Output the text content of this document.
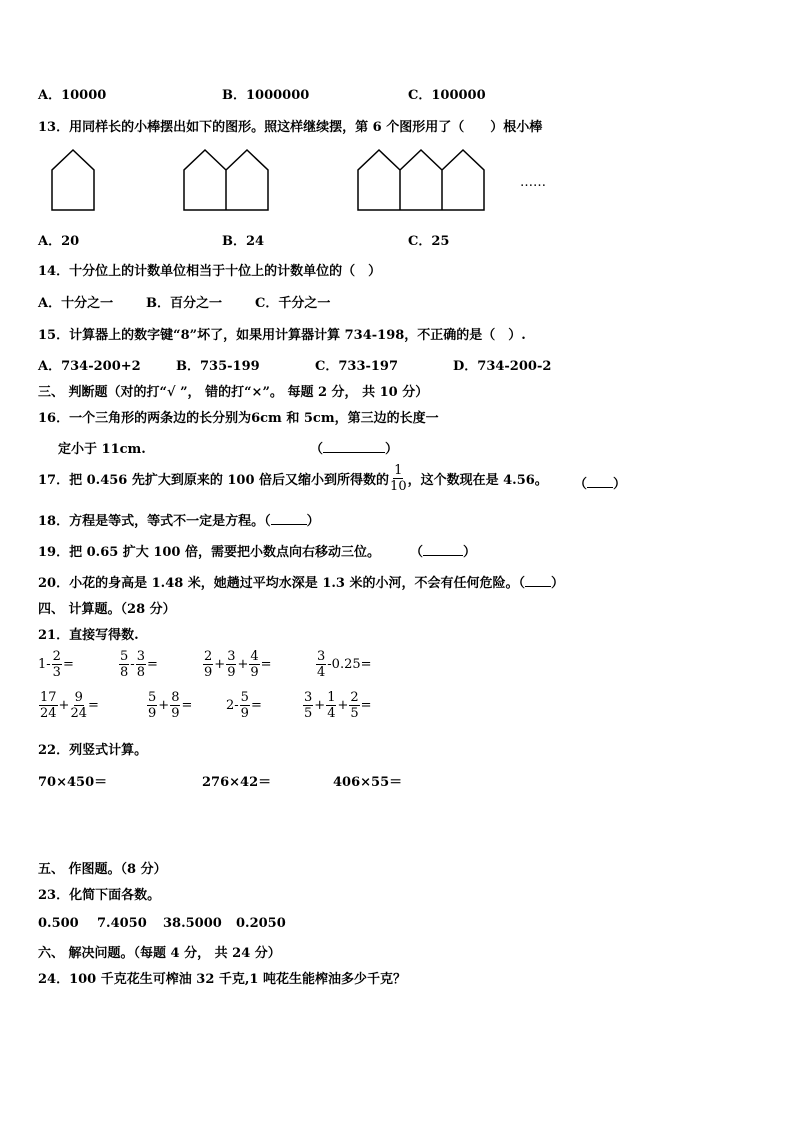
A．10000	B．1000000	C．100000
13．用同样长的小棒摆出如下的图形。照这样继续摆，第 6 个图形用了（　　）根小棒
……
A．20	B．24	C．25
14．十分位上的计数单位相当于十位上的计数单位的（　）
A．十分之一	B．百分之一	C．千分之一
15．计算器上的数字键“8”坏了，如果用计算器计算 734-198，不正确的是（　）.
A．734-200+2	B．735-199	C．733-197	D．734-200-2
三、 判断题（对的打“√ ”， 错的打“×”。 每题 2 分， 共 10 分）
16．一个三角形的两条边的长分别为6cm 和 5cm，第三边的长度一
定小于 11cm.	（	）
17．把 0.456 先扩大到原来的 100 倍后又缩小到所得数的 $\frac{1}{10}$ ，这个数现在是 4.56。 （ ）
18．方程是等式，等式不一定是方程。（	）
19．把 0.65 扩大 100 倍，需要把小数点向右移动三位。 （	）
20．小花的身高是 1.48 米，她趟过平均水深是 1.3 米的小河，不会有任何危险。（ ）
四、 计算题。（28 分）
21．直接写得数.
$1- \frac{2}{3}$ =	$\frac{5}{8} - \frac{3}{8}$ =	$\frac{2}{9} + \frac{3}{9} + \frac{4}{9}$ =	$\frac{3}{4} -0.25=$
$\frac{17}{24} + \frac{9}{24}$ =	$\frac{5}{9} + \frac{8}{9}$ =	$2- \frac{5}{9}$ =	$\frac{3}{5} + \frac{1}{4} + \frac{2}{5}$ =
22．列竖式计算。
70×450＝	276×42＝	406×55＝
五、 作图题。（8 分）
23．化简下面各数。
0.500 7.4050 38.5000 0.2050
六、 解决问题。（每题 4 分， 共 24 分）
24．100 千克花生可榨油 32 千克,1 吨花生能榨油多少千克？
